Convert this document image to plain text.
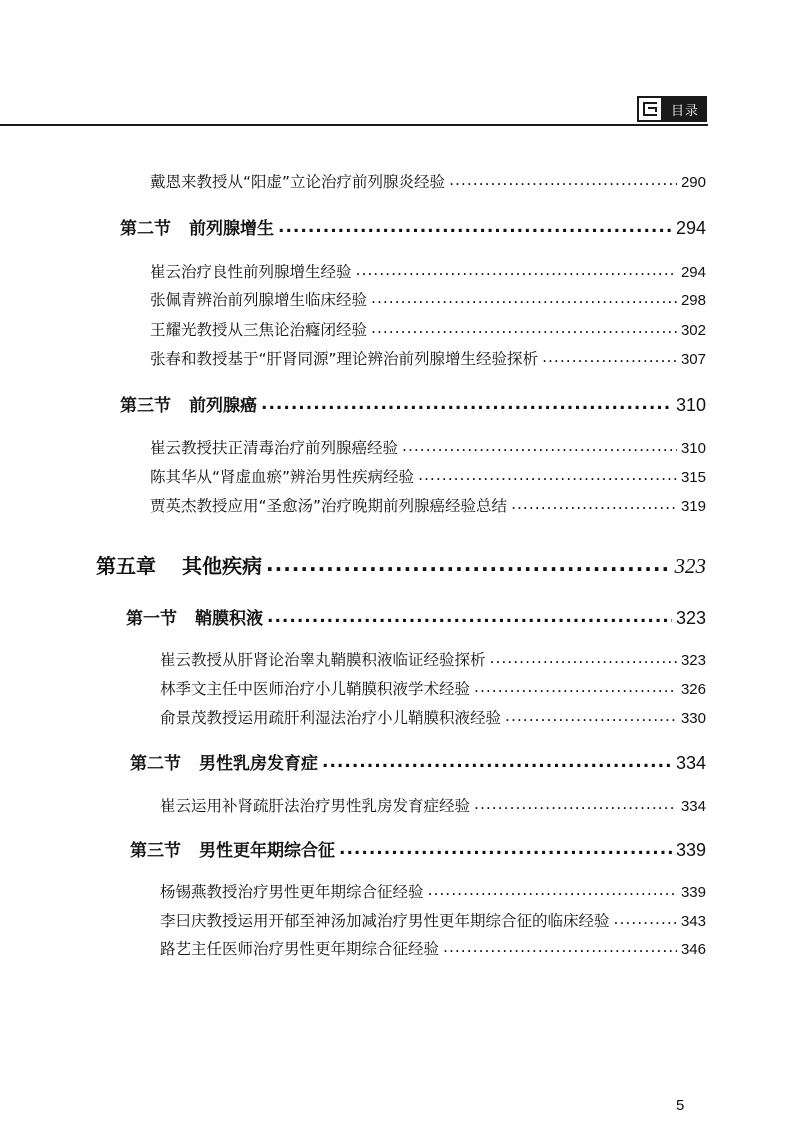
目录
戴恩来教授从“阳虚”立论治疗前列腺炎经验 .....	290
第二节 前列腺增生 .....	294
崔云治疗良性前列腺增生经验 .....	294
张佩青辨治前列腺增生临床经验 .....	298
王耀光教授从三焦论治癃闭经验 .....	302
张春和教授基于“肝肾同源”理论辨治前列腺增生经验探析 .....	307
第三节 前列腺癌 .....	310
崔云教授扶正清毒治疗前列腺癌经验 .....	310
陈其华从“肾虚血瘀”辨治男性疾病经验 .....	315
贾英杰教授应用“圣愈汤”治疗晚期前列腺癌经验总结 .....	319
第五章 其他疾病 .....	323
第一节 鞘膜积液 .....	323
崔云教授从肝肾论治睾丸鞘膜积液临证经验探析 .....	323
林季文主任中医师治疗小儿鞘膜积液学术经验 .....	326
俞景茂教授运用疏肝利湿法治疗小儿鞘膜积液经验 .....	330
第二节 男性乳房发育症 .....	334
崔云运用补肾疏肝法治疗男性乳房发育症经验 .....	334
第三节 男性更年期综合征 .....	339
杨锡燕教授治疗男性更年期综合征经验 .....	339
李曰庆教授运用开郁至神汤加减治疗男性更年期综合征的临床经验 .....	343
路艺主任医师治疗男性更年期综合征经验 .....	346
5
